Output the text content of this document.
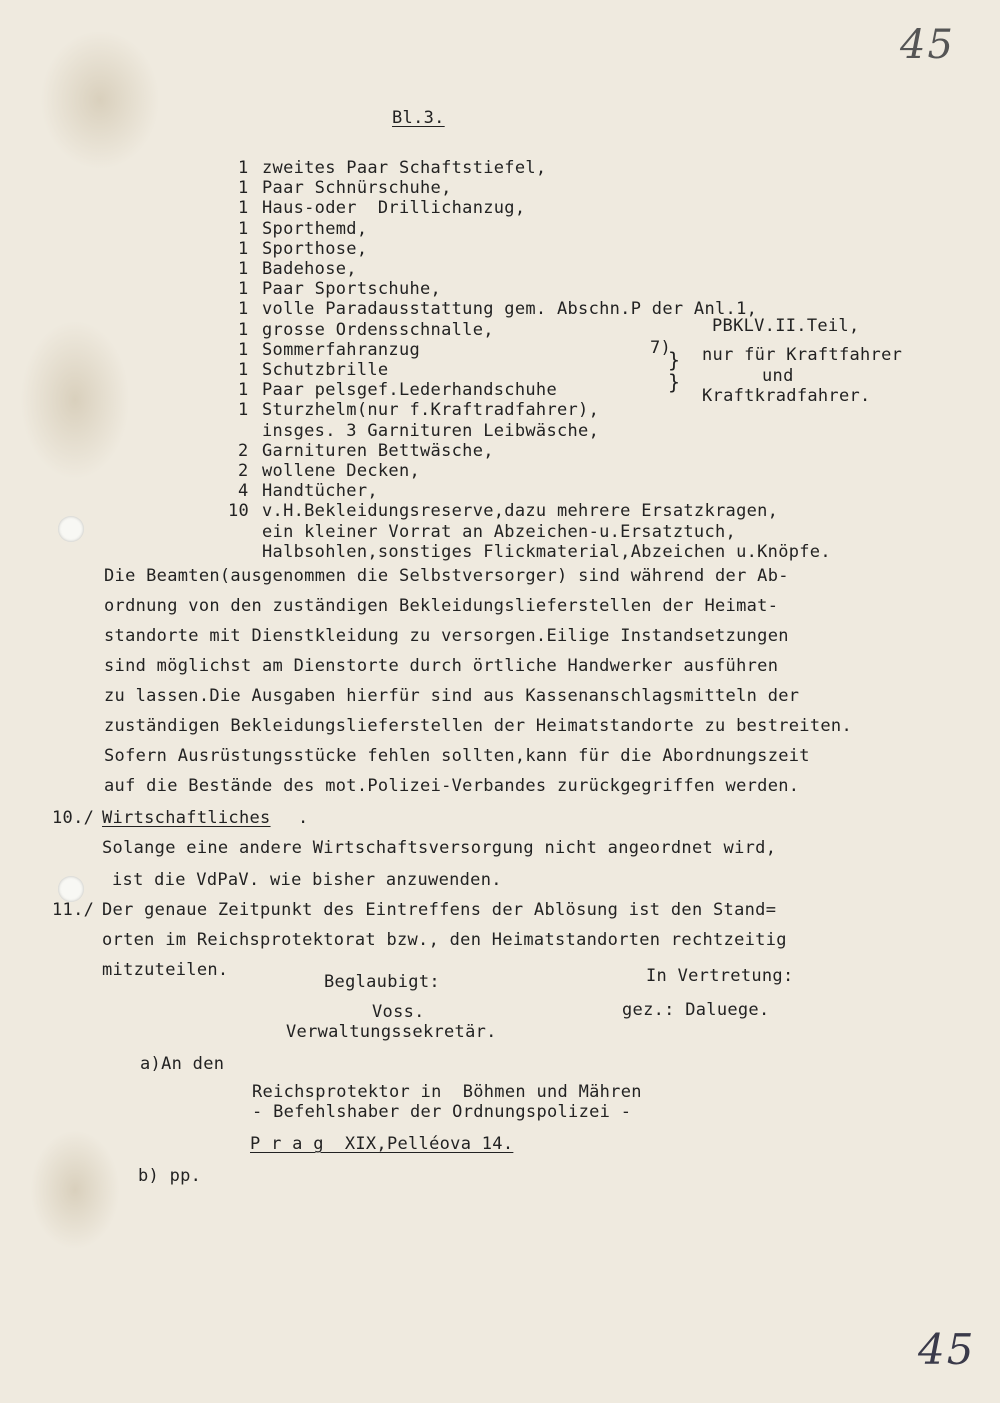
45
45
Bl.3.
1 zweites Paar Schaftstiefel,
1 Paar Schnürschuhe,
1 Haus-oder  Drillichanzug,
1 Sporthemd,
1 Sporthose,
1 Badehose,
1 Paar Sportschuhe,
1 volle Paradausstattung gem. Abschn.P der Anl.1,
1 grosse Ordensschnalle,
1 Sommerfahranzug
1 Schutzbrille
1 Paar pelsgef.Lederhandschuhe
1 Sturzhelm(nur f.Kraftradfahrer),
insges. 3 Garnituren Leibwäsche,
2 Garnituren Bettwäsche,
2 wollene Decken,
4 Handtücher,
10 v.H.Bekleidungsreserve,dazu mehrere Ersatzkragen,
ein kleiner Vorrat an Abzeichen-u.Ersatztuch,
Halbsohlen,sonstiges Flickmaterial,Abzeichen u.Knöpfe.
PBKLV.II.Teil,
7)
}
}
nur für Kraftfahrer
und
Kraftkradfahrer.
Die Beamten(ausgenommen die Selbstversorger) sind während der Ab-
ordnung von den zuständigen Bekleidungslieferstellen der Heimat-
standorte mit Dienstkleidung zu versorgen.Eilige Instandsetzungen
sind möglichst am Dienstorte durch örtliche Handwerker ausführen
zu lassen.Die Ausgaben hierfür sind aus Kassenanschlagsmitteln der
zuständigen Bekleidungslieferstellen der Heimatstandorte zu bestreiten.
Sofern Ausrüstungsstücke fehlen sollten,kann für die Abordnungszeit
auf die Bestände des mot.Polizei-Verbandes zurückgegriffen werden.
10./ Wirtschaftliches .
Solange eine andere Wirtschaftsversorgung nicht angeordnet wird,
ist die VdPaV. wie bisher anzuwenden.
11./ Der genaue Zeitpunkt des Eintreffens der Ablösung ist den Stand=
orten im Reichsprotektorat bzw., den Heimatstandorten rechtzeitig
mitzuteilen.
Beglaubigt:
Voss.
Verwaltungssekretär.
In Vertretung:
gez.: Daluege.
a)An den
Reichsprotektor in  Böhmen und Mähren
- Befehlshaber der Ordnungspolizei -
P r a g  XIX,Pelléova 14.
b) pp.
